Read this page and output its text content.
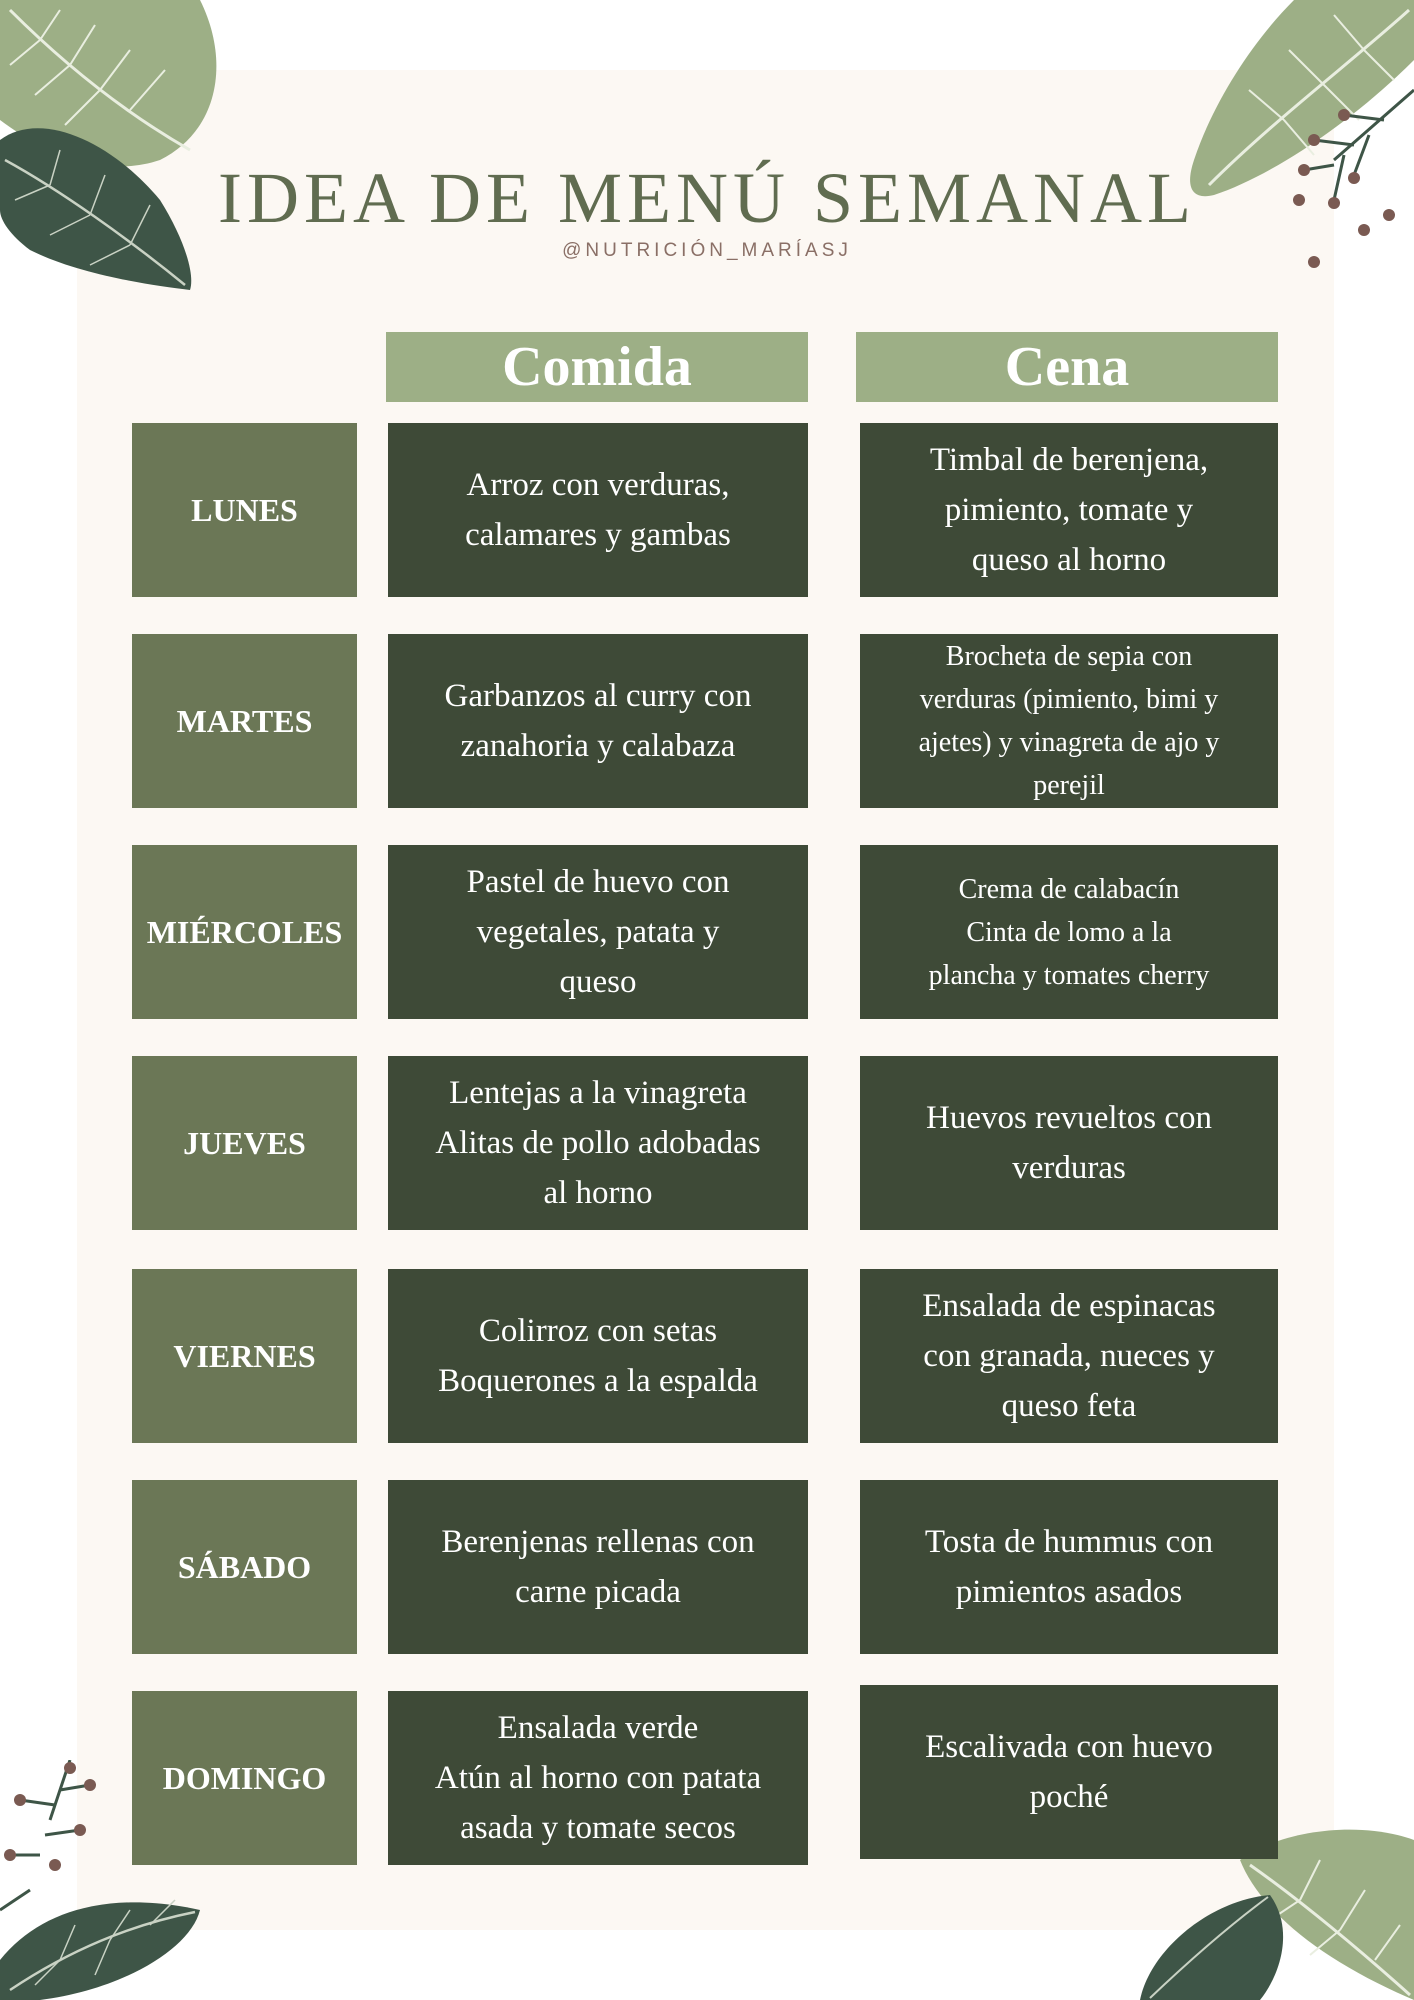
IDEA DE MENÚ SEMANAL
@NUTRICIÓN_MARÍASJ
Comida	Cena
LUNES
Arroz con verduras,
calamares y gambas
Timbal de berenjena,
pimiento, tomate y
queso al horno
MARTES
Garbanzos al curry con
zanahoria y calabaza
Brocheta de sepia con
verduras (pimiento, bimi y
ajetes) y vinagreta de ajo y
perejil
MIÉRCOLES
Pastel de huevo con
vegetales, patata y
queso
Crema de calabacín
Cinta de lomo a la
plancha y tomates cherry
JUEVES
Lentejas a la vinagreta
Alitas de pollo adobadas
al horno
Huevos revueltos con
verduras
VIERNES
Colirroz con setas
Boquerones a la espalda
Ensalada de espinacas
con granada, nueces y
queso feta
SÁBADO
Berenjenas rellenas con
carne picada
Tosta de hummus con
pimientos asados
DOMINGO
Ensalada verde
Atún al horno con patata
asada y tomate secos
Escalivada con huevo
poché
